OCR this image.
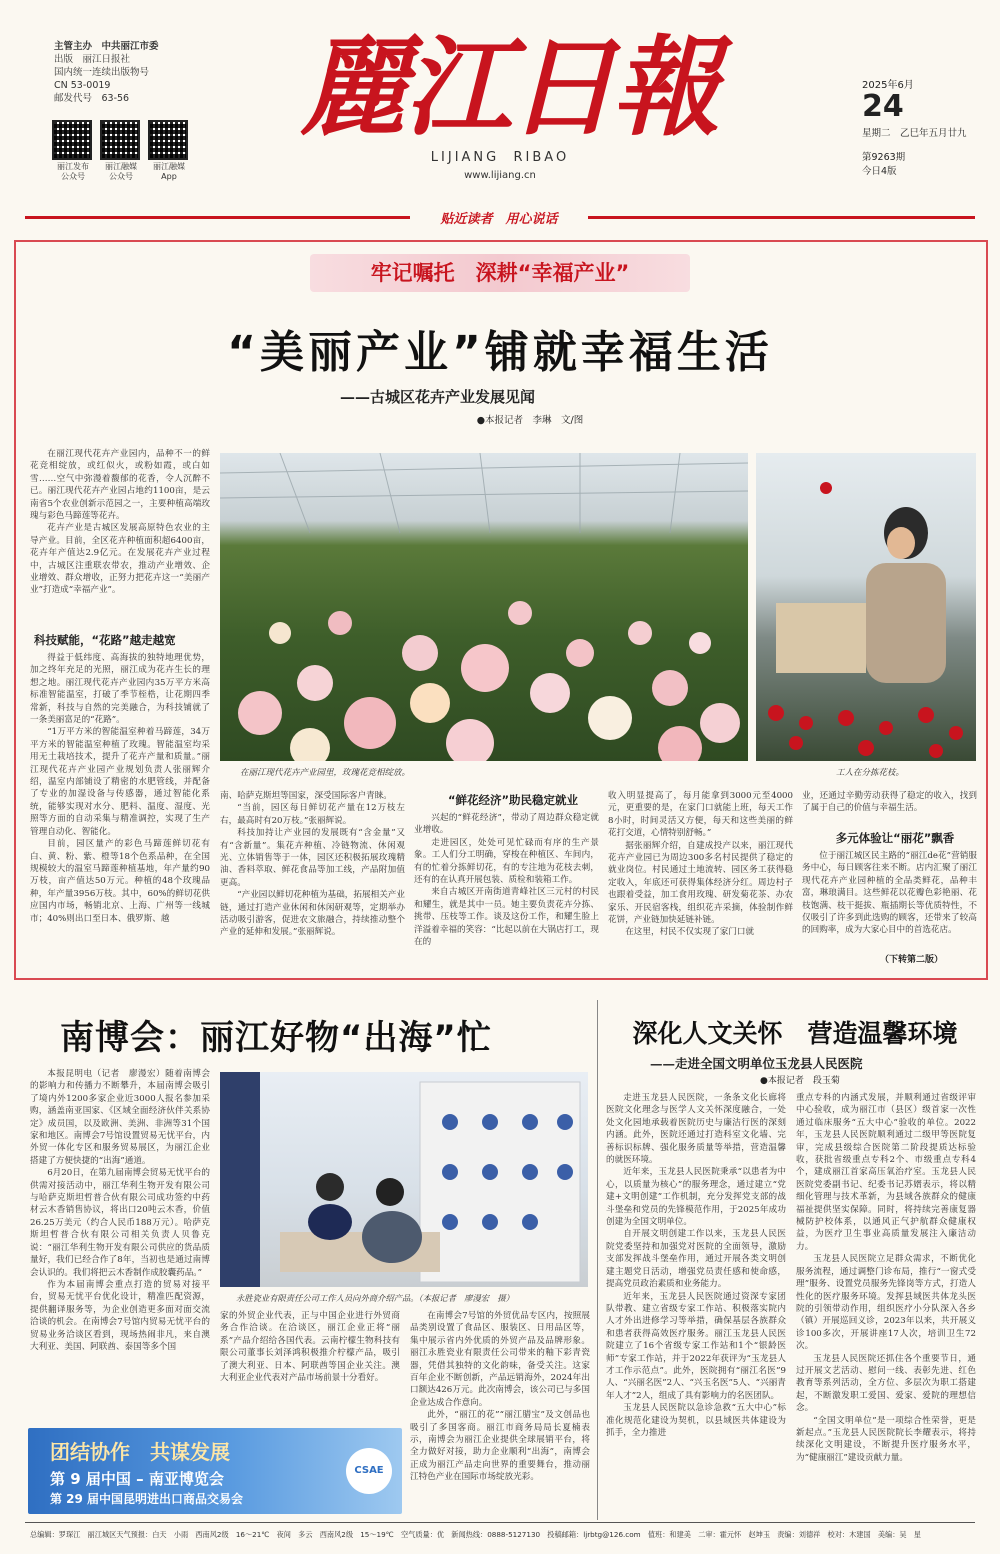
主管主办　中共丽江市委
出版　丽江日报社
国内统一连续出版物号
CN 53-0019
邮发代号　63-56
丽江发布
公众号
丽江融媒
公众号
丽江融媒
App
麗江日報
LIJIANG  RIBAO
www.lijiang.cn
2025年6月
24
星期二　乙巳年五月廿九
第9263期
今日4版
贴近读者　用心说话
牢记嘱托　深耕“幸福产业”
“美丽产业”铺就幸福生活
——古城区花卉产业发展见闻
●本报记者　李琳　文/图

在丽江现代花卉产业园内，品种不一的鲜花竞相绽放，或红似火，或粉如霞，或白如雪……空气中弥漫着馥郁的花香，令人沉醉不已。丽江现代花卉产业园占地约1100亩，是云南省5个农业创新示范园之一，主要种植高端玫瑰与彩色马蹄莲等花卉。

花卉产业是古城区发展高原特色农业的主导产业。目前，全区花卉种植面积超6400亩，花卉年产值达2.9亿元。在发展花卉产业过程中，古城区注重联农带农，推动产业增效、企业增效、群众增收，正努力把花卉这一“美丽产业”打造成“幸福产业”。

科技赋能，“花路”越走越宽

得益于低纬度、高海拔的独特地理优势，加之终年充足的光照，丽江成为花卉生长的理想之地。丽江现代花卉产业园内35万平方米高标准智能温室，打破了季节桎梏，让花期四季常新，科技与自然的完美融合，为科技铺就了一条美丽富足的“花路”。

“1万平方米的智能温室种着马蹄莲，34万平方米的智能温室种植了玫瑰。智能温室均采用无土栽培技术，提升了花卉产量和质量。”丽江现代花卉产业园产业规划负责人张丽辉介绍，温室内部铺设了精密的水肥管线，并配备了专业的加湿设备与传感器，通过智能化系统，能够实现对水分、肥料、温度、湿度、光照等方面的自动采集与精准调控，实现了生产管理自动化、智能化。

目前，园区量产的彩色马蹄莲鲜切花有白、黄、粉、紫、橙等18个色系品种，在全国规模较大的温室马蹄莲种植基地，年产量约90万枝，亩产值达50万元。种植的48个玫瑰品种，年产量3956万枝。其中，60%的鲜切花供应国内市场，畅销北京、上海、广州等一线城市；40%则出口至日本、俄罗斯、越

在丽江现代花卉产业园里，玫瑰花竞相绽放。	工人在分拣花枝。

南、哈萨克斯坦等国家，深受国际客户青睐。

“当前，园区每日鲜切花产量在12万枝左右，最高时有20万枝。”张丽辉说。

科技加持让产业园的发展既有“含金量”又有“含新量”。集花卉种植、冷链物流、休闲观光、立体销售等于一体，园区还积极拓展玫瑰精油、香料萃取、鲜花食品等加工线，产品附加值更高。

“产业园以鲜切花种植为基础，拓展相关产业链，通过打造产业休闲和休闲研观等，定期举办活动吸引游客，促进农文旅融合，持续推动整个产业的延伸和发展。”张丽辉说。

“鲜花经济”助民稳定就业

兴起的“鲜花经济”，带动了周边群众稳定就业增收。

走进园区，处处可见忙碌而有序的生产景象。工人们分工明确，穿梭在种植区、车间内，有的忙着分拣鲜切花，有的专注地为花枝去刺，还有的在认真开展包装、质检和装箱工作。

来自古城区开南街道青峰社区三元村的村民和耀生，就是其中一员。她主要负责花卉分拣、挑带、压枝等工作。谈及这份工作，和耀生脸上洋溢着幸福的笑容：“比起以前在大锅店打工，现在的

收入明显提高了，每月能拿到3000元至4000元，更重要的是，在家门口就能上班，每天工作8小时，时间灵活又方便，每天和这些美丽的鲜花打交道，心情特别舒畅。”

据张丽辉介绍，自建成投产以来，丽江现代花卉产业园已为周边300多名村民提供了稳定的就业岗位。村民通过土地流转、园区务工获得稳定收入，年底还可获得集体经济分红。周边村子也跟着受益，加工食用玫瑰、研发菊花茶、办农家乐、开民宿客栈，组织花卉采摘，体验制作鲜花饼，产业链加快延链补链。

在这里，村民不仅实现了家门口就

业，还通过辛勤劳动获得了稳定的收入，找到了属于自己的价值与幸福生活。

多元体验让“丽花”飘香

位于丽江城区民主路的“丽江de花”营销服务中心，每日顾客往来不断。店内汇聚了丽江现代花卉产业园种植的全品类鲜花，品种丰富，琳琅满目。这些鲜花以花瓣色彩艳丽、花枝饱满、枝干挺拔、瓶插期长等优质特性，不仅吸引了许多到此选购的顾客，还带来了较高的回购率，成为大家心目中的首选花店。

（下转第二版）
南博会：丽江好物“出海”忙

本报昆明电（记者　廖漫宏）随着南博会的影响力和传播力不断攀升，本届南博会吸引了境内外1200多家企业近3000人报名参加采购，涵盖南亚国家、《区域全面经济伙伴关系协定》成员国，以及欧洲、美洲、非洲等31个国家和地区。南博会7号馆设置贸易无忧平台，内外贸一体化专区和服务贸易展区，为丽江企业搭建了方便快捷的“出海”通道。

6月20日，在第九届南博会贸易无忧平台的供需对接活动中，丽江华利生物开发有限公司与哈萨克斯坦哲普合伙有限公司成功签约中药材云木香销售协议，将出口20吨云木香，价值26.25万美元（约合人民币188万元）。哈萨克斯坦哲普合伙有限公司相关负责人贝鲁克说：“丽江华利生物开发有限公司供应的货品质量好，我们已经合作了8年，当初也是通过南博会认识的。我们将把云木香制作成胶囊药品。”

作为本届南博会重点打造的贸易对接平台，贸易无忧平台优化设计，精准匹配资源，提供翻译服务等，为企业创造更多面对面交流洽谈的机会。在南博会7号馆内贸易无忧平台的贸易业务洽谈区看到，现场热闹非凡，来自澳大利亚、美国、阿联酋、泰国等多个国

永胜瓷业有限责任公司工作人员向外商介绍产品。（本报记者　廖漫宏　摄）

家的外贸企业代表，正与中国企业进行外贸商务合作洽谈。在洽谈区，丽江企业正将“丽系”产品介绍给各国代表。云南柠檬生物科技有限公司董事长刘泽鸿积极推介柠檬产品，吸引了澳大利亚、日本、阿联酋等国企业关注。澳大利亚企业代表对产品市场前景十分看好。

在南博会7号馆的外贸优品专区内，按照展品类别设置了食品区、服装区、日用品区等，集中展示省内外优质的外贸产品及品牌形象。丽江永胜瓷业有限责任公司带来的釉下彩青瓷器，凭借其独特的文化韵味，备受关注。这家百年企业不断创新，产品远销海外，2024年出口额达426万元。此次南博会，该公司已与多国企业达成合作意向。

此外，“丽江的花”“丽江腊宝”及文创品也吸引了多国客商。丽江市商务局局长夏楠表示，南博会为丽江企业提供全球展销平台，将全力做好对接，助力企业顺利“出海”，南博会正成为丽江产品走向世界的重要舞台，推动丽江特色产业在国际市场绽放光彩。

团结协作　共谋发展
第 9 届中国 – 南亚博览会
第 29 届中国昆明进出口商品交易会
CSAE
深化人文关怀　营造温馨环境
——走进全国文明单位玉龙县人民医院
●本报记者　段玉菊

走进玉龙县人民医院，一条条文化长廊将医院文化理念与医学人文关怀深度融合，一处处文化园地承载着医院历史与廉洁行医的深刻内涵。此外，医院还通过打造科室文化墙、完善标识标牌、强化服务质量等举措，营造温馨的就医环境。

近年来，玉龙县人民医院秉承“以患者为中心，以质量为核心”的服务理念，通过建立“党建+文明创建”工作机制，充分发挥党支部的战斗堡垒和党员的先锋模范作用，于2025年成功创建为全国文明单位。

自开展文明创建工作以来，玉龙县人民医院党委坚持和加强党对医院的全面领导，激励支部发挥战斗堡垒作用，通过开展各类文明创建主题党日活动，增强党员责任感和使命感，提高党员政治素质和业务能力。

近年来，玉龙县人民医院通过资深专家团队带教、建立省级专家工作站、积极落实院内人才外出进修学习等举措，确保基层各族群众和患者获得高效医疗服务。丽江玉龙县人民医院建立了16个省级专家工作站和1个“银龄医师”专家工作站，并于2022年获评为“玉龙县人才工作示范点”。此外，医院拥有“丽江名医”9人、“兴丽名医”2人、“兴玉名医”5人、“兴丽青年人才”2人，组成了具有影响力的名医团队。

玉龙县人民医院以急诊急救“五大中心”标准化规范化建设为契机，以县域医共体建设为抓手，全力推进

重点专科的内涵式发展，并顺利通过省级评审中心验收，成为丽江市（县区）级首家一次性通过临床服务“五大中心”验收的单位。2022年，玉龙县人民医院顺利通过二级甲等医院复审，完成县级综合医院第二阶段提质达标验收，获批省级重点专科2个、市级重点专科4个，建成丽江首家高压氧治疗室。玉龙县人民医院党委副书记、纪委书记苏婿表示，将以精细化管理与技术革新，为县域各族群众的健康福祉提供坚实保障。同时，将持续完善康复器械防护校体系，以通风正气护航群众健康权益，为医疗卫生事业高质量发展注入廉洁动力。

玉龙县人民医院立足群众需求，不断优化服务流程，通过调整门诊布局，推行“一窗式受理”服务、设置党员服务先锋岗等方式，打造人性化的医疗服务环境。发挥县域医共体龙头医院的引领带动作用，组织医疗小分队深入各乡（镇）开展巡回义诊，2023年以来，共开展义诊100多次，开展讲座17人次，培训卫生72次。

玉龙县人民医院还抓住各个重要节日，通过开展文艺活动、慰问一线、表彰先进、红色教育等系列活动，全方位、多层次为职工搭建起，不断激发职工爱国、爱家、爱院的理想信念。

“全国文明单位”是一项综合性荣誉，更是新起点。”玉龙县人民医院院长李耀表示，将持续深化文明建设，不断提升医疗服务水平，为“健康丽江”建设贡献力量。

总编辑：罗琛江　丽江城区天气预报：白天　小雨　西南风2级　16～21℃　夜间　多云　西南风2级　15～19℃　空气质量：优　新闻热线：0888-5127130　投稿邮箱：ljrbtg@126.com　值班：和建美　二审：霍元怀　赵坤玉　责编：刘德祥　校对：木建国　美编：吴　星
